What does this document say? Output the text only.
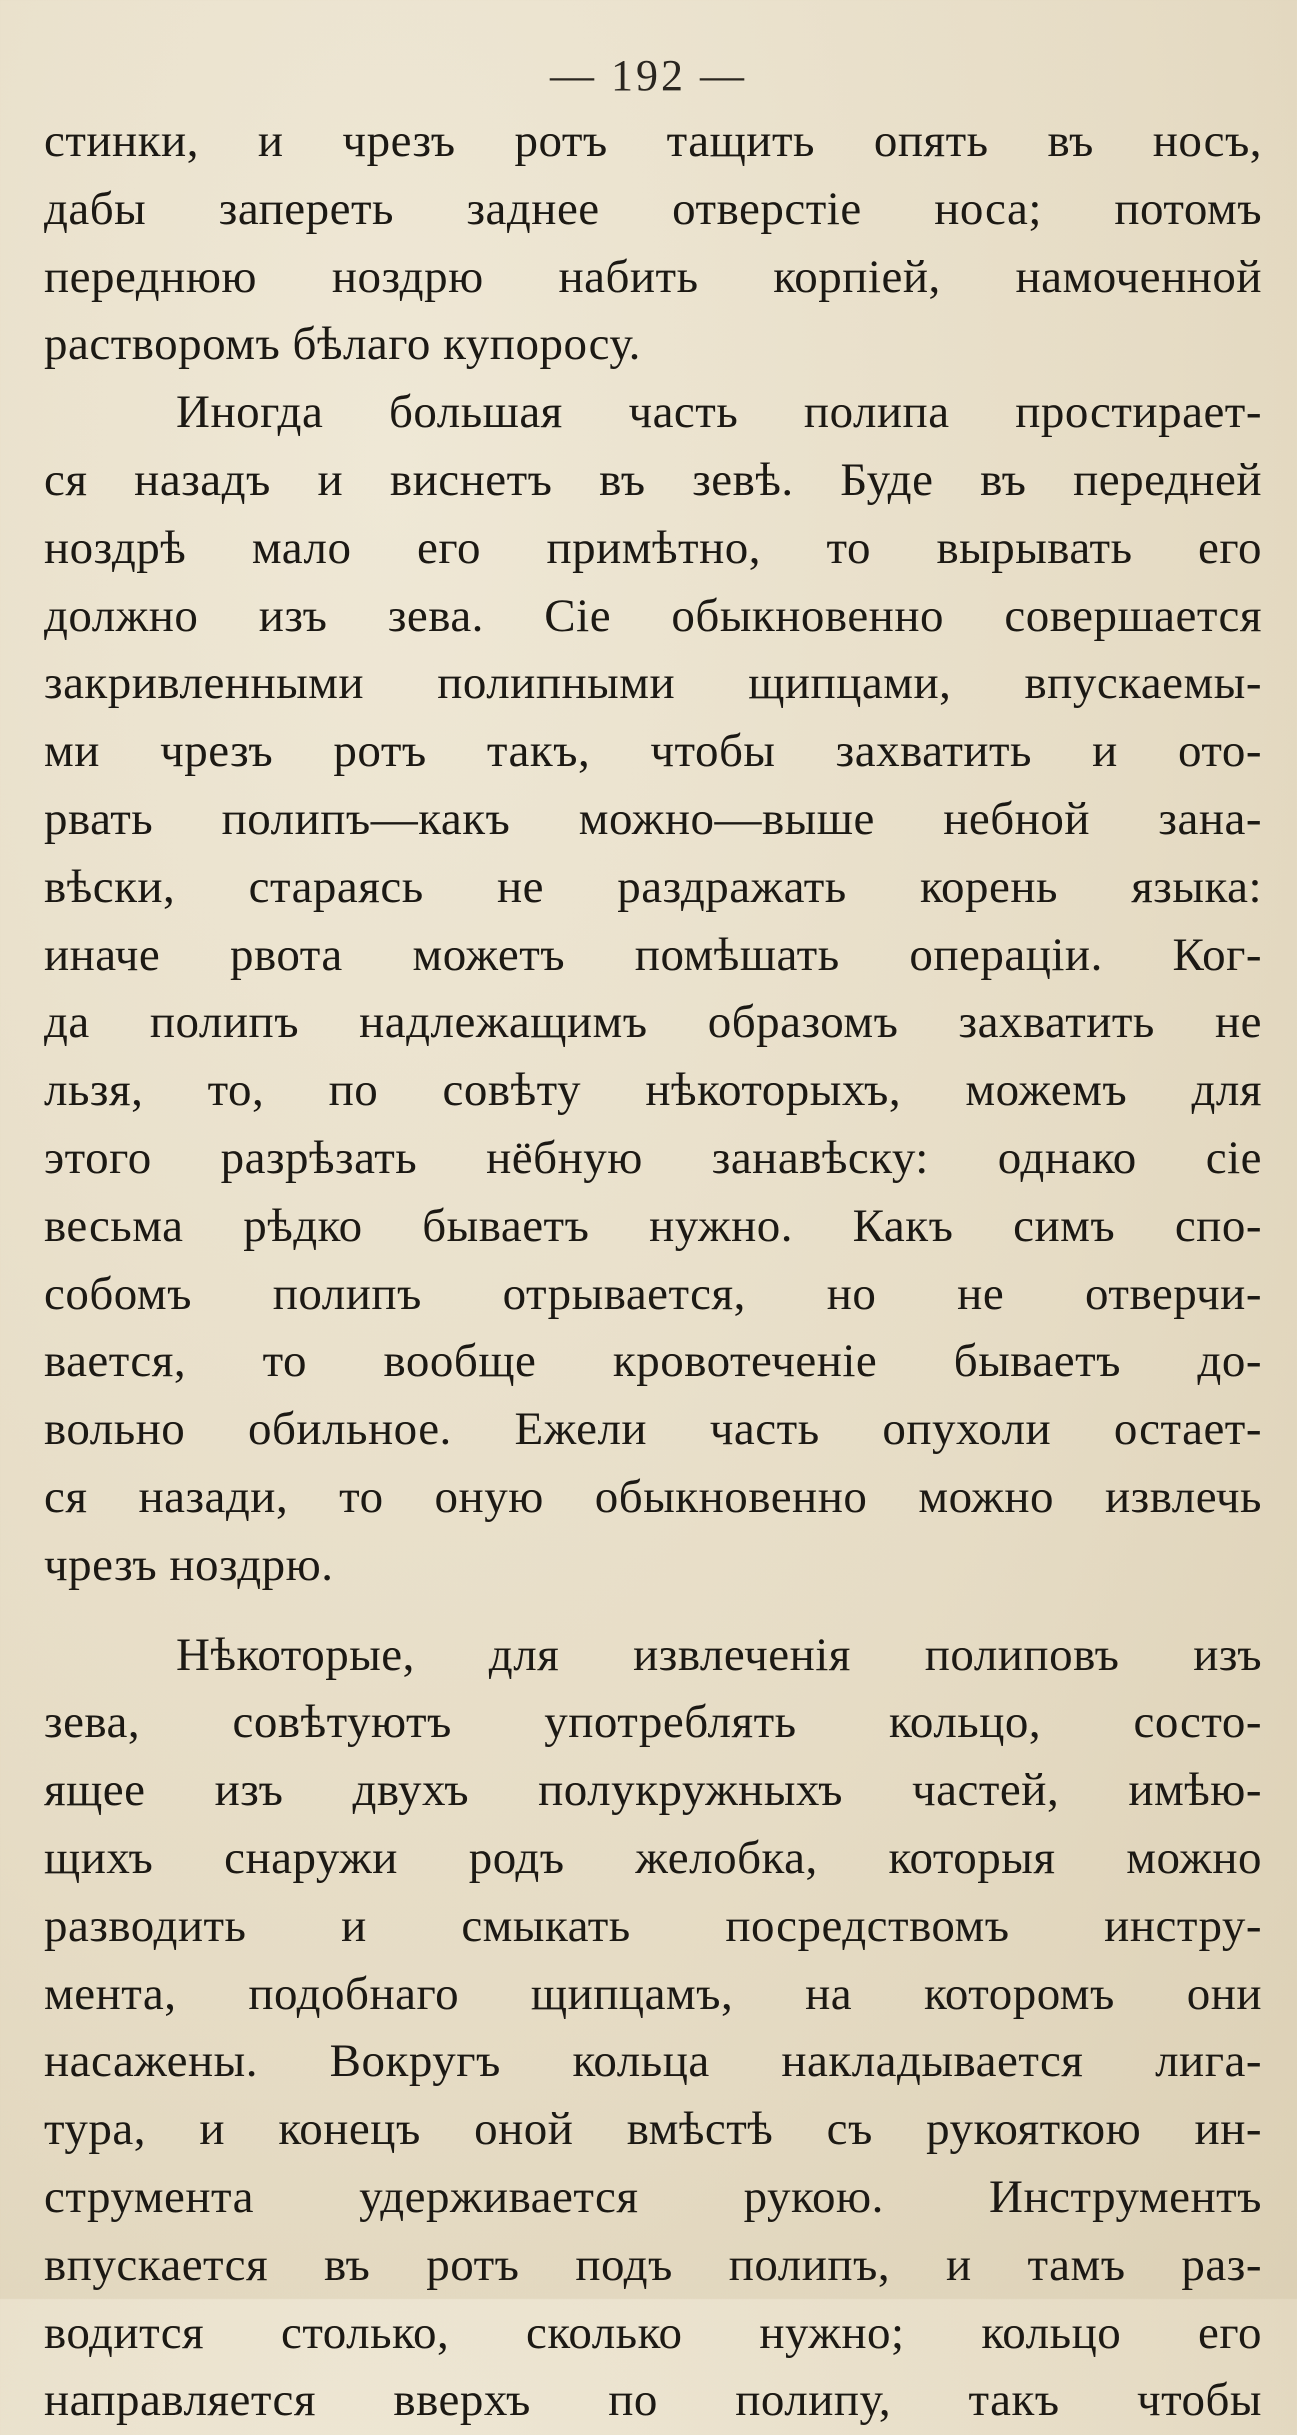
— 192 —
стинки, и чрезъ ротъ тащить опять въ носъ,
дабы запереть заднее отверстіе носа; потомъ
переднюю ноздрю набить корпіей, намоченной
растворомъ бѣлаго купоросу.
Иногда большая часть полипа простирает-
ся назадъ и виснетъ въ зевѣ. Буде въ передней
ноздрѣ мало его примѣтно, то вырывать его
должно изъ зева. Сіе обыкновенно совершается
закривленными полипными щипцами, впускаемы-
ми чрезъ ротъ такъ, чтобы захватить и ото-
рвать полипъ—какъ можно—выше небной зана-
вѣски, стараясь не раздражать корень языка:
иначе рвота можетъ помѣшать операціи. Ког-
да полипъ надлежащимъ образомъ захватить не
льзя, то, по совѣту нѣкоторыхъ, можемъ для
этого разрѣзать нёбную занавѣску: однако сіе
весьма рѣдко бываетъ нужно. Какъ симъ спо-
собомъ полипъ отрывается, но не отверчи-
вается, то вообще кровотеченіе бываетъ до-
вольно обильное. Ежели часть опухоли остает-
ся назади, то оную обыкновенно можно извлечь
чрезъ ноздрю.
Нѣкоторые, для извлеченія полиповъ изъ
зева, совѣтуютъ употреблять кольцо, состо-
ящее изъ двухъ полукружныхъ частей, имѣю-
щихъ снаружи родъ желобка, которыя можно
разводить и смыкать посредствомъ инстру-
мента, подобнаго щипцамъ, на которомъ они
насажены. Вокругъ кольца накладывается лига-
тура, и конецъ оной вмѣстѣ съ рукояткою ин-
струмента удерживается рукою. Инструментъ
впускается въ ротъ подъ полипъ, и тамъ раз-
водится столько, сколько нужно; кольцо его
направляется вверхъ по полипу, такъ чтобы
